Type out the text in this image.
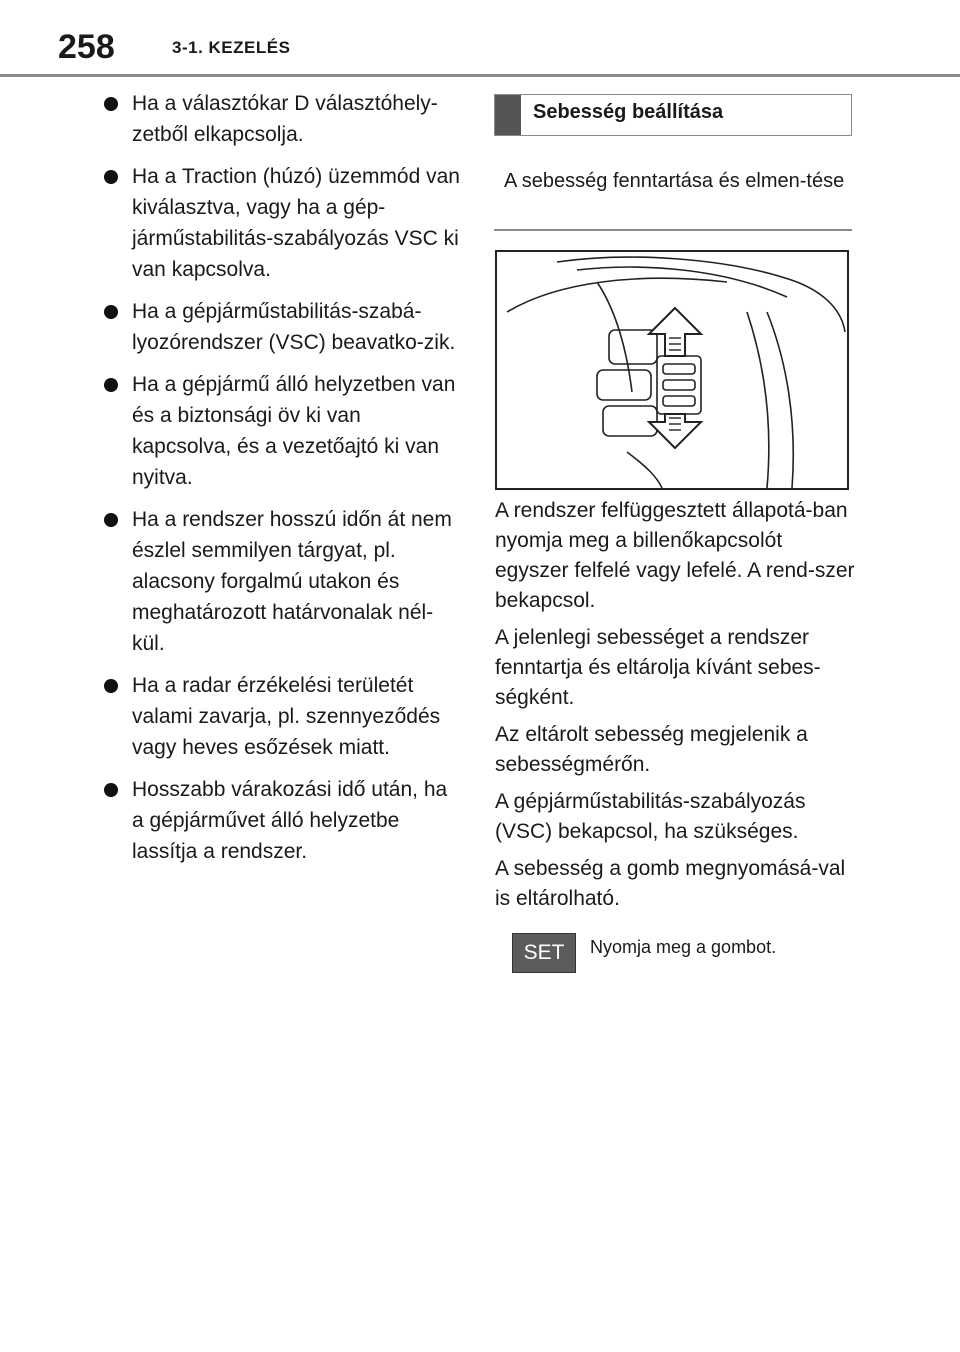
258	3-1. KEZELÉS
Ha a választókar D választóhely-zetből elkapcsolja.
Ha a Traction (húzó) üzemmód van kiválasztva, vagy ha a gép-járműstabilitás-szabályozás VSC ki van kapcsolva.
Ha a gépjárműstabilitás-szabá-lyozórendszer (VSC) beavatko-zik.
Ha a gépjármű álló helyzetben van és a biztonsági öv ki van kapcsolva, és a vezetőajtó ki van nyitva.
Ha a rendszer hosszú időn át nem észlel semmilyen tárgyat, pl. alacsony forgalmú utakon és meghatározott határvonalak nél-kül.
Ha a radar érzékelési területét valami zavarja, pl. szennyeződés vagy heves esőzések miatt.
Hosszabb várakozási idő után, ha a gépjárművet álló helyzetbe lassítja a rendszer.
Sebesség beállítása
A sebesség fenntartása és elmen-tése
A rendszer felfüggesztett állapotá-ban nyomja meg a billenőkapcsolót egyszer felfelé vagy lefelé. A rend-szer bekapcsol.
A jelenlegi sebességet a rendszer fenntartja és eltárolja kívánt sebes-ségként.
Az eltárolt sebesség megjelenik a sebességmérőn.
A gépjárműstabilitás-szabályozás (VSC) bekapcsol, ha szükséges.
A sebesség a gomb megnyomásá-val is eltárolható.
SET	Nyomja meg a gombot.
